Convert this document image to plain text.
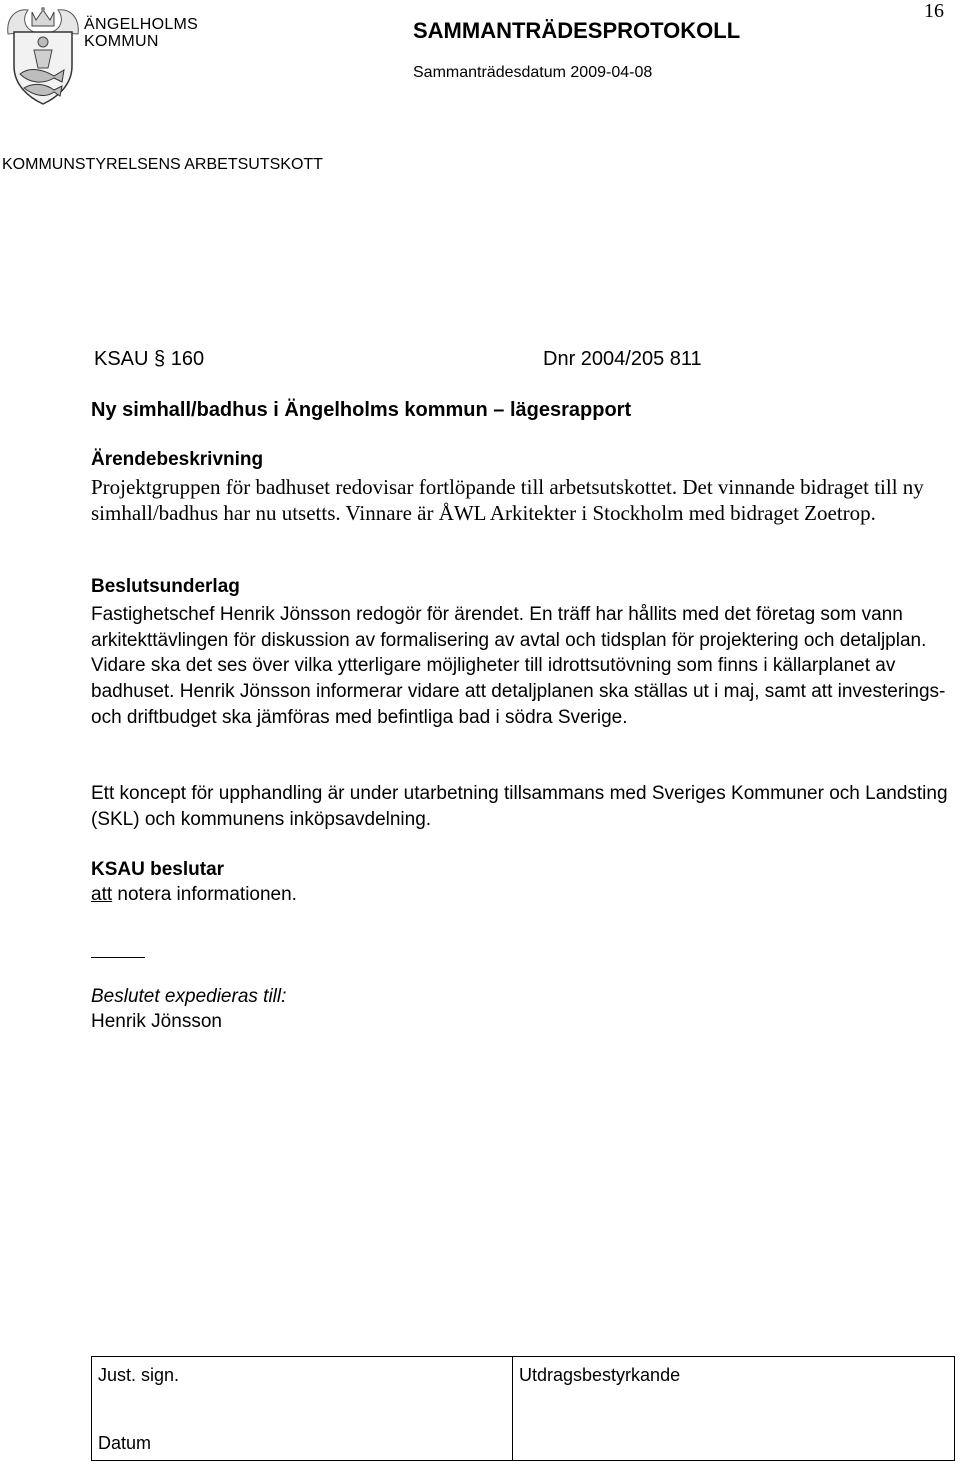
ÄNGELHOLMS
KOMMUN	SAMMANTRÄDESPROTOKOLL
Sammanträdesdatum 2009-04-08
16
KOMMUNSTYRELSENS ARBETSUTSKOTT
KSAU § 160	Dnr 2004/205 811
Ny simhall/badhus i Ängelholms kommun – lägesrapport
Ärendebeskrivning
Projektgruppen för badhuset redovisar fortlöpande till arbetsutskottet. Det vinnande bidraget till ny simhall/badhus har nu utsetts. Vinnare är ÅWL Arkitekter i Stockholm med bidraget Zoetrop.
Beslutsunderlag
Fastighetschef Henrik Jönsson redogör för ärendet. En träff har hållits med det företag som vann arkitekttävlingen för diskussion av formalisering av avtal och tidsplan för projektering och detaljplan. Vidare ska det ses över vilka ytterligare möjligheter till idrottsutövning som finns i källarplanet av badhuset. Henrik Jönsson informerar vidare att detaljplanen ska ställas ut i maj, samt att investerings- och driftbudget ska jämföras med befintliga bad i södra Sverige.
Ett koncept för upphandling är under utarbetning tillsammans med Sveriges Kommuner och Landsting (SKL) och kommunens inköpsavdelning.
KSAU beslutar
att notera informationen.
Beslutet expedieras till:
Henrik Jönsson
Just. sign.
Datum

Utdragsbestyrkande
